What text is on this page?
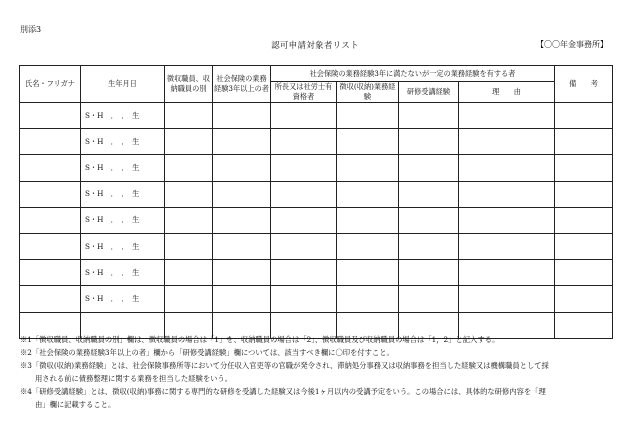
別添3
認可申請対象者リスト	【〇〇年金事務所】
氏名・フリガナ	生年月日	徴収職員、収納職員の別	社会保険の業務経験3年以上の者	社会保険の業務経験3年に満たないが一定の業務経験を有する者				備　　考
				所長又は社労士有資格者	徴収(収納)業務経験	研修受講経験	理　　由	
	S・H　．　．　生							
	S・H　．　．　生							
	S・H　．　．　生							
	S・H　．　．　生							
	S・H　．　．　生							
	S・H　．　．　生							
	S・H　．　．　生							
	S・H　．　．　生							

※1「徴収職員、収納職員の別」欄は、徴収職員の場合は「1」を、収納職員の場合は「2」、徴収職員及び収納職員の場合は「1，2」と記入する。

※2「社会保険の業務経験3年以上の者」欄から「研修受講経験」欄については、該当すべき欄に〇印を付すこと。

※3「徴収(収納)業務経験」とは、社会保険事務所等において分任収入官吏等の官職が発令され、滞納処分事務又は収納事務を担当した経験又は機構職員として採

用される前に債務整理に関する業務を担当した経験をいう。

※4「研修受講経験」とは、徴収(収納)事務に関する専門的な研修を受講した経験又は今後1ヶ月以内の受講予定をいう。この場合には、具体的な研修内容を「理

由」欄に記載すること。
